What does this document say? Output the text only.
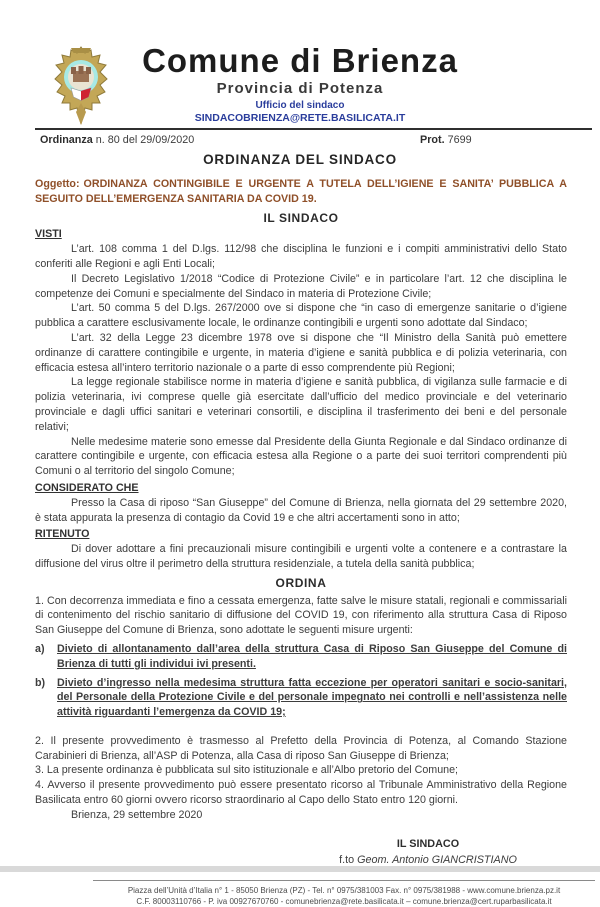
Comune di Brienza
Provincia di Potenza
Ufficio del sindaco
SINDACOBRIENZA@RETE.BASILICATA.IT
Ordinanza n. 80 del 29/09/2020	Prot. 7699
ORDINANZA DEL SINDACO

Oggetto: ORDINANZA CONTINGIBILE E URGENTE A TUTELA DELL’IGIENE E SANITA’ PUBBLICA A SEGUITO DELL’EMERGENZA SANITARIA DA COVID 19.

IL SINDACO
VISTI

L’art. 108 comma 1 del D.lgs. 112/98 che disciplina le funzioni e i compiti amministrativi dello Stato conferiti alle Regioni e agli Enti Locali;

Il Decreto Legislativo 1/2018 “Codice di Protezione Civile” e in particolare l’art. 12 che disciplina le competenze dei Comuni e specialmente del Sindaco in materia di Protezione Civile;

L’art. 50 comma 5 del D.lgs. 267/2000 ove si dispone che “in caso di emergenze sanitarie o d’igiene pubblica a carattere esclusivamente locale, le ordinanze contingibili e urgenti sono adottate dal Sindaco;

L’art. 32 della Legge 23 dicembre 1978 ove si dispone che “Il Ministro della Sanità può emettere ordinanze di carattere contingibile e urgente, in materia d’igiene e sanità pubblica e di polizia veterinaria, con efficacia estesa all’intero territorio nazionale o a parte di esso comprendente più Regioni;

La legge regionale stabilisce norme in materia d’igiene e sanità pubblica, di vigilanza sulle farmacie e di polizia veterinaria, ivi comprese quelle già esercitate dall’ufficio del medico provinciale e del veterinario provinciale e dagli uffici sanitari e veterinari consortili, e disciplina il trasferimento dei beni e del personale relativi;

Nelle medesime materie sono emesse dal Presidente della Giunta Regionale e dal Sindaco ordinanze di carattere contingibile e urgente, con efficacia estesa alla Regione o a parte dei suoi territori comprendenti più Comuni o al territorio del singolo Comune;

CONSIDERATO CHE

Presso la Casa di riposo “San Giuseppe” del Comune di Brienza, nella giornata del 29 settembre 2020, è stata appurata la presenza di contagio da Covid 19 e che altri accertamenti sono in atto;

RITENUTO

Di dover adottare a fini precauzionali misure contingibili e urgenti volte a contenere e a contrastare la diffusione del virus oltre il perimetro della struttura residenziale, a tutela della sanità pubblica;

ORDINA

1. Con decorrenza immediata e fino a cessata emergenza, fatte salve le misure statali, regionali e commissariali di contenimento del rischio sanitario di diffusione del COVID 19, con riferimento alla struttura Casa di Riposo San Giuseppe del Comune di Brienza, sono adottate le seguenti misure urgenti:

a)	Divieto di allontanamento dall’area della struttura Casa di Riposo San Giuseppe del Comune di Brienza di tutti gli individui ivi presenti.
b)	Divieto d’ingresso nella medesima struttura fatta eccezione per operatori sanitari e socio-sanitari, del Personale della Protezione Civile e del personale impegnato nei controlli e nell’assistenza nelle attività riguardanti l’emergenza da COVID 19;

2. Il presente provvedimento è trasmesso al Prefetto della Provincia di Potenza, al Comando Stazione Carabinieri di Brienza, all’ASP di Potenza, alla Casa di riposo San Giuseppe di Brienza;

3. La presente ordinanza è pubblicata sul sito istituzionale e all’Albo pretorio del Comune;

4. Avverso il presente provvedimento può essere presentato ricorso al Tribunale Amministrativo della Regione Basilicata entro 60 giorni ovvero ricorso straordinario al Capo dello Stato entro 120 giorni.

Brienza, 29 settembre 2020

IL SINDACO
f.to Geom. Antonio GIANCRISTIANO
Piazza dell’Unità d’Italia n° 1 - 85050 Brienza (PZ) - Tel. n° 0975/381003 Fax. n° 0975/381988 - www.comune.brienza.pz.it
C.F. 80003110766 - P. iva 00927670760 - comunebrienza@rete.basilicata.it – comune.brienza@cert.ruparbasilicata.it
